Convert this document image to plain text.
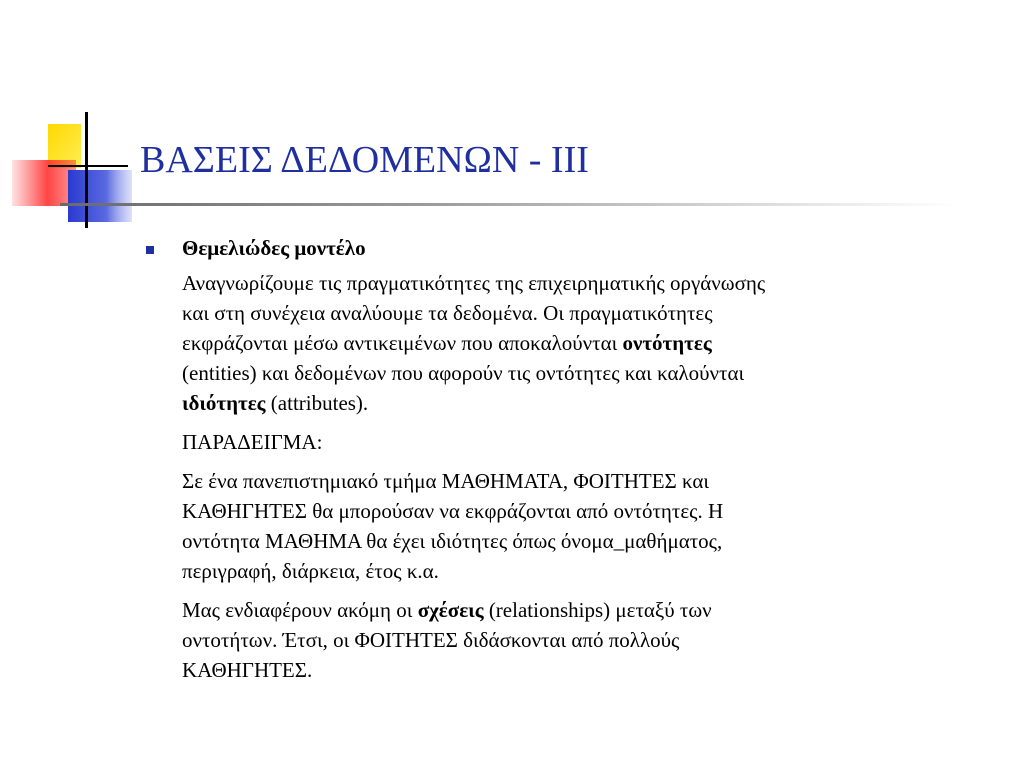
ΒΑΣΕΙΣ ΔΕΔΟΜΕΝΩΝ - III
Θεμελιώδες μοντέλο
Αναγνωρίζουμε τις πραγματικότητες της επιχειρηματικής οργάνωσης
και στη συνέχεια αναλύουμε τα δεδομένα. Οι πραγματικότητες
εκφράζονται μέσω αντικειμένων που αποκαλούνται οντότητες
(entities) και δεδομένων που αφορούν τις οντότητες και καλούνται
ιδιότητες (attributes).
ΠΑΡΑΔΕΙΓΜΑ:
Σε ένα πανεπιστημιακό τμήμα ΜΑΘΗΜΑΤΑ, ΦΟΙΤΗΤΕΣ και
ΚΑΘΗΓΗΤΕΣ θα μπορούσαν να εκφράζονται από οντότητες. Η
οντότητα ΜΑΘΗΜΑ θα έχει ιδιότητες όπως όνομα_μαθήματος,
περιγραφή, διάρκεια, έτος κ.α.
Μας ενδιαφέρουν ακόμη οι σχέσεις (relationships) μεταξύ των
οντοτήτων. Έτσι, οι ΦΟΙΤΗΤΕΣ διδάσκονται από πολλούς
ΚΑΘΗΓΗΤΕΣ.
